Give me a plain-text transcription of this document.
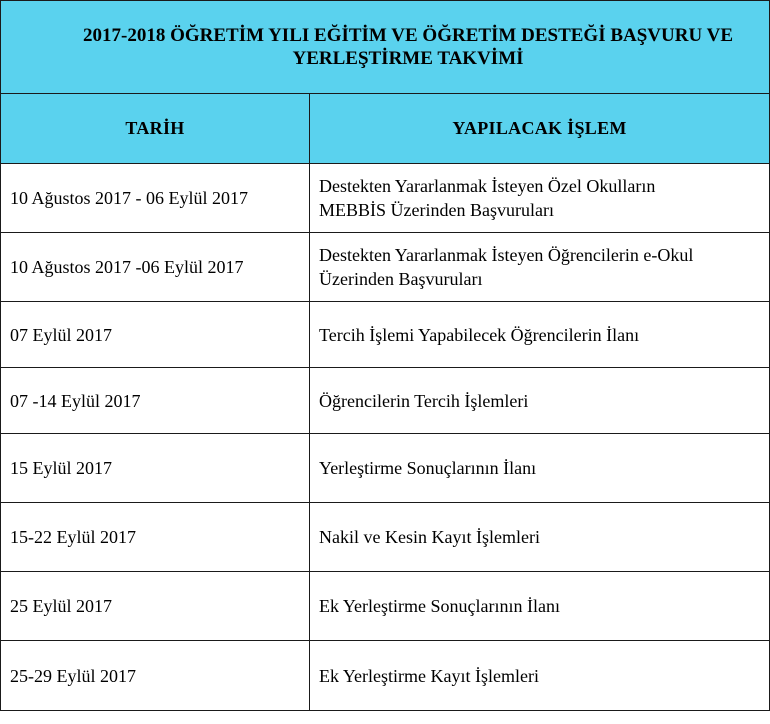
2017-2018 ÖĞRETİM YILI EĞİTİM VE ÖĞRETİM DESTEĞİ BAŞVURU VE
YERLEŞTİRME TAKVİMİ	

TARİH	YAPILACAK İŞLEM
10 Ağustos 2017 - 06 Eylül 2017	Destekten Yararlanmak İsteyen Özel Okulların
MEBBİS Üzerinden Başvuruları

10 Ağustos 2017 -06 Eylül 2017	Destekten Yararlanmak İsteyen Öğrencilerin e-Okul
Üzerinden Başvuruları

07 Eylül 2017	Tercih İşlemi Yapabilecek Öğrencilerin İlanı
07 -14 Eylül 2017	Öğrencilerin Tercih İşlemleri
15 Eylül 2017	Yerleştirme Sonuçlarının İlanı
15-22 Eylül 2017	Nakil ve Kesin Kayıt İşlemleri
25 Eylül 2017	Ek Yerleştirme Sonuçlarının İlanı
25-29 Eylül 2017	Ek Yerleştirme Kayıt İşlemleri
